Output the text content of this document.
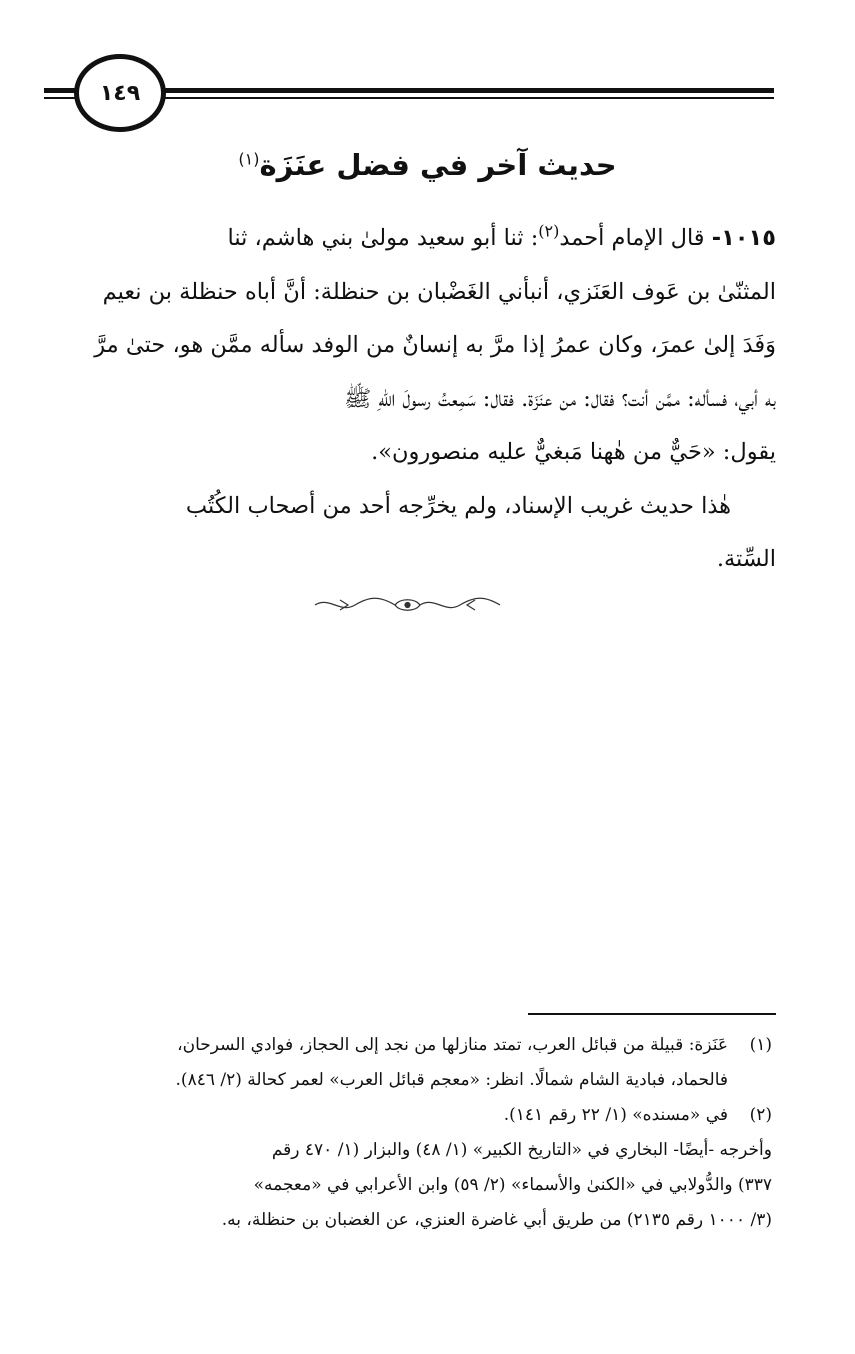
١٤٩
حديث آخر في فضل عنَزَة$^{(١)}$

١٠١٥- قال الإمام أحمد$^{(٢)}$: ثنا أبو سعيد مولىٰ بني هاشم، ثنا

المثنّىٰ بن عَوف العَنَزي، أنبأني الغَضْبان بن حنظلة: أنَّ أباه حنظلة بن نعيم

وَفَدَ إلىٰ عمرَ، وكان عمرُ إذا مرَّ به إنسانٌ من الوفد سأله ممَّن هو، حتىٰ مرَّ

به أبي، فسأله: ممَّن أنت؟ فقال: من عنَزَة. فقال: سَمِعتُ رسولَ اللهِ ﷺ

يقول: «حَيٌّ من هٰهنا مَبغيٌّ عليه منصورون».

هٰذا حديث غريب الإسناد، ولم يخرِّجه أحد من أصحاب الكُتُب

السِّتة.

(١)

عَنَزة: قبيلة من قبائل العرب، تمتد منازلها من نجد إلى الحجاز، فوادي السرحان،

فالحماد، فبادية الشام شمالًا. انظر: «معجم قبائل العرب» لعمر كحالة (٢/ ٨٤٦).

(٢)

في «مسنده» (١/ ٢٢ رقم ١٤١).

وأخرجه -أيضًا- البخاري في «التاريخ الكبير» (١/ ٤٨) والبزار (١/ ٤٧٠ رقم

٣٣٧) والدُّولابي في «الكنىٰ والأسماء» (٢/ ٥٩) وابن الأعرابي في «معجمه»

(٣/ ١٠٠٠ رقم ٢١٣٥) من طريق أبي غاضرة العنزي، عن الغضبان بن حنظلة، به.
